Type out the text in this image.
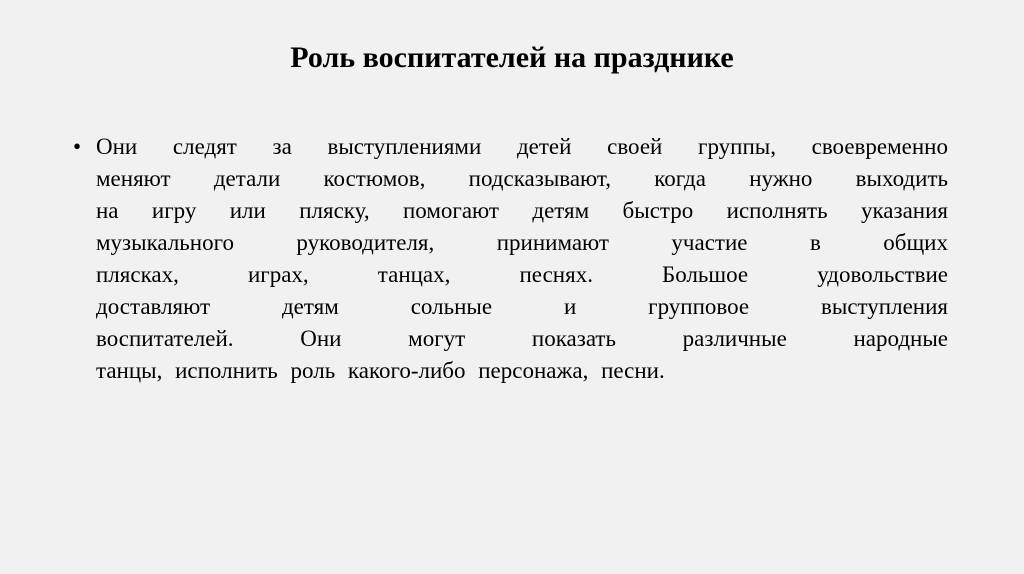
Роль воспитателей на празднике
• Они следят за выступлениями детей своей группы, своевременно
меняют детали костюмов, подсказывают, когда нужно выходить
на игру или пляску, помогают детям быстро исполнять указания
музыкального руководителя, принимают участие в общих
плясках, играх, танцах, песнях. Большое удовольствие
доставляют детям сольные и групповое выступления
воспитателей. Они могут показать различные народные
танцы, исполнить роль какого-либо персонажа, песни.
